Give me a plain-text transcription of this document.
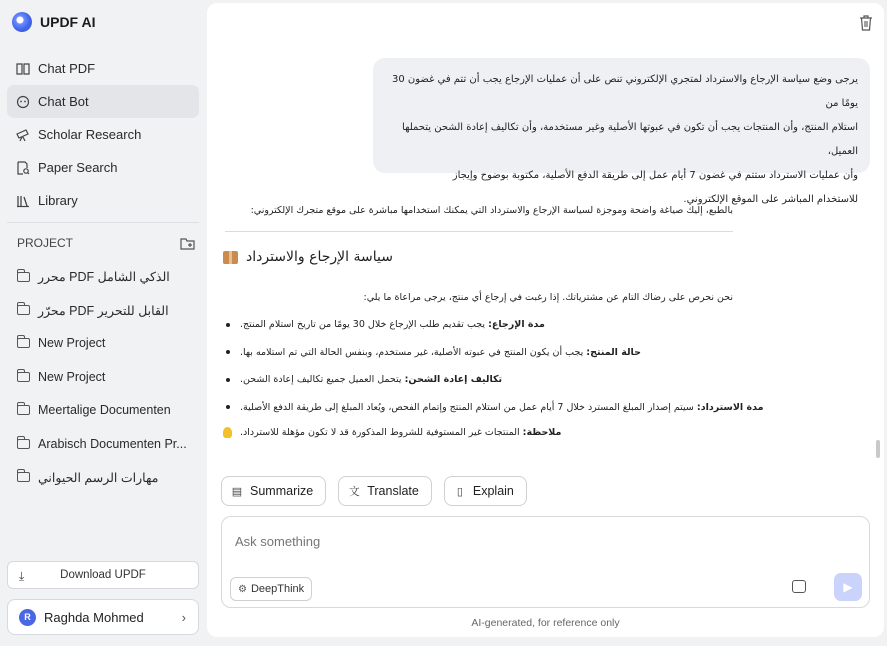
UPDF AI
Chat PDF
Chat Bot
Scholar Research
Paper Search
Library
PROJECT
محرر PDF الذكي الشامل
محرّر PDF القابل للتحرير
New Project
New Project
Meertalige Documenten
Arabisch Documenten Pr...
مهارات الرسم الحيواني
⤓	Download UPDF
R	Raghda Mohmed	›
يرجى وضع سياسة الإرجاع والاسترداد لمتجري الإلكتروني تنص على أن عمليات الإرجاع يجب أن تتم في غضون 30 يومًا من
استلام المنتج، وأن المنتجات يجب أن تكون في عبوتها الأصلية وغير مستخدمة، وأن تكاليف إعادة الشحن يتحملها العميل،
وأن عمليات الاسترداد ستتم في غضون 7 أيام عمل إلى طريقة الدفع الأصلية، مكتوبة بوضوح وإيجاز
للاستخدام المباشر على الموقع الإلكتروني.
بالطبع، إليك صياغة واضحة وموجزة لسياسة الإرجاع والاسترداد التي يمكنك استخدامها مباشرة على موقع متجرك الإلكتروني:
سياسة الإرجاع والاسترداد
نحن نحرص على رضاك التام عن مشترياتك. إذا رغبت في إرجاع أي منتج، يرجى مراعاة ما يلي:
مدة الإرجاع: يجب تقديم طلب الإرجاع خلال 30 يومًا من تاريخ استلام المنتج.
حالة المنتج: يجب أن يكون المنتج في عبوته الأصلية، غير مستخدم، وبنفس الحالة التي تم استلامه بها.
تكاليف إعادة الشحن: يتحمل العميل جميع تكاليف إعادة الشحن.
مدة الاسترداد: سيتم إصدار المبلغ المسترد خلال 7 أيام عمل من استلام المنتج وإتمام الفحص، ويُعاد المبلغ إلى طريقة الدفع الأصلية.
ملاحظة: المنتجات غير المستوفية للشروط المذكورة قد لا تكون مؤهلة للاسترداد.
▤ Summarize	文 Translate	▯ Explain
Ask something
⚙ DeepThink	▶
AI-generated, for reference only
